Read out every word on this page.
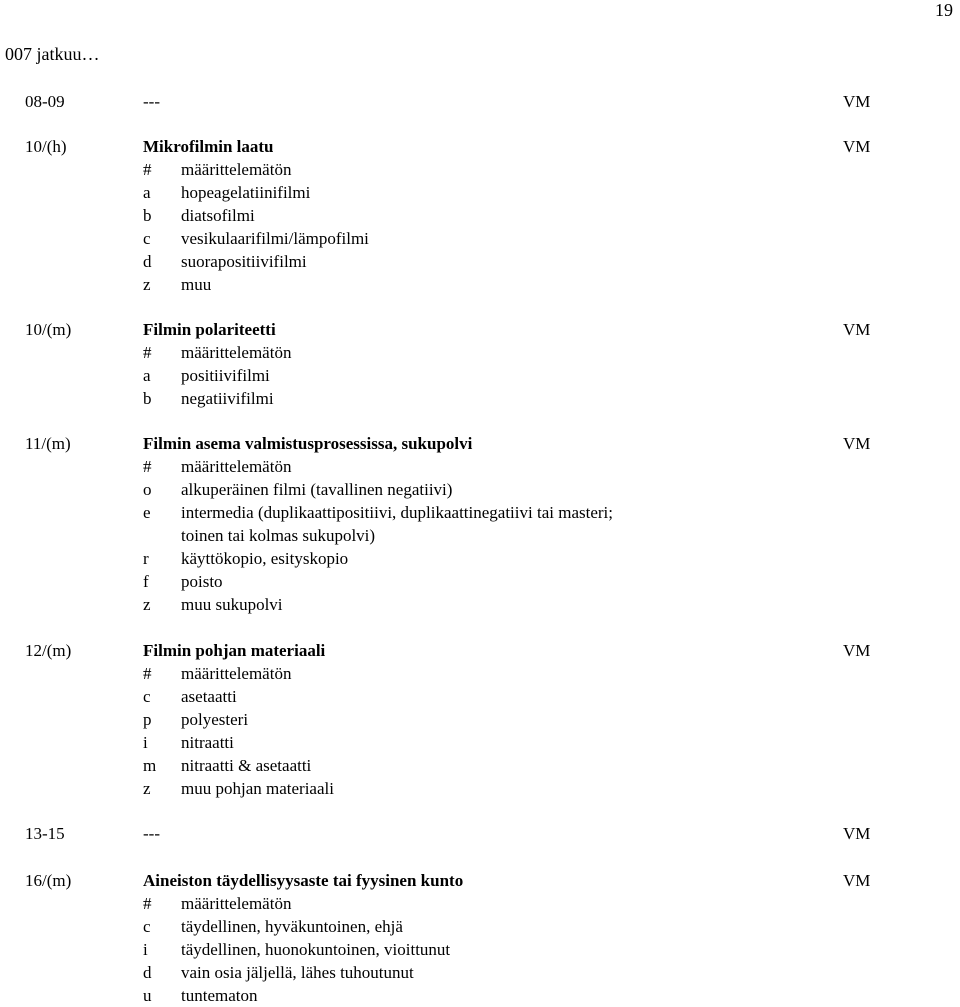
19
007 jatkuu…
08-09	---	VM
10/(h)	Mikrofilmin laatu	VM
#	määrittelemätön
a	hopeagelatiinifilmi
b	diatsofilmi
c	vesikulaarifilmi/lämpofilmi
d	suorapositiivifilmi
z	muu
10/(m)	Filmin polariteetti	VM
#	määrittelemätön
a	positiivifilmi
b	negatiivifilmi
11/(m)	Filmin asema valmistusprosessissa, sukupolvi	VM
#	määrittelemätön
o	alkuperäinen filmi (tavallinen negatiivi)
e	intermedia (duplikaattipositiivi, duplikaattinegatiivi tai masteri;
toinen tai kolmas sukupolvi)
r	käyttökopio, esityskopio
f	poisto
z	muu sukupolvi
12/(m)	Filmin pohjan materiaali	VM
#	määrittelemätön
c	asetaatti
p	polyesteri
i	nitraatti
m	nitraatti & asetaatti
z	muu pohjan materiaali
13-15	---	VM
16/(m)	Aineiston täydellisyysaste tai fyysinen kunto	VM
#	määrittelemätön
c	täydellinen, hyväkuntoinen, ehjä
i	täydellinen, huonokuntoinen, vioittunut
d	vain osia jäljellä, lähes tuhoutunut
u	tuntematon
